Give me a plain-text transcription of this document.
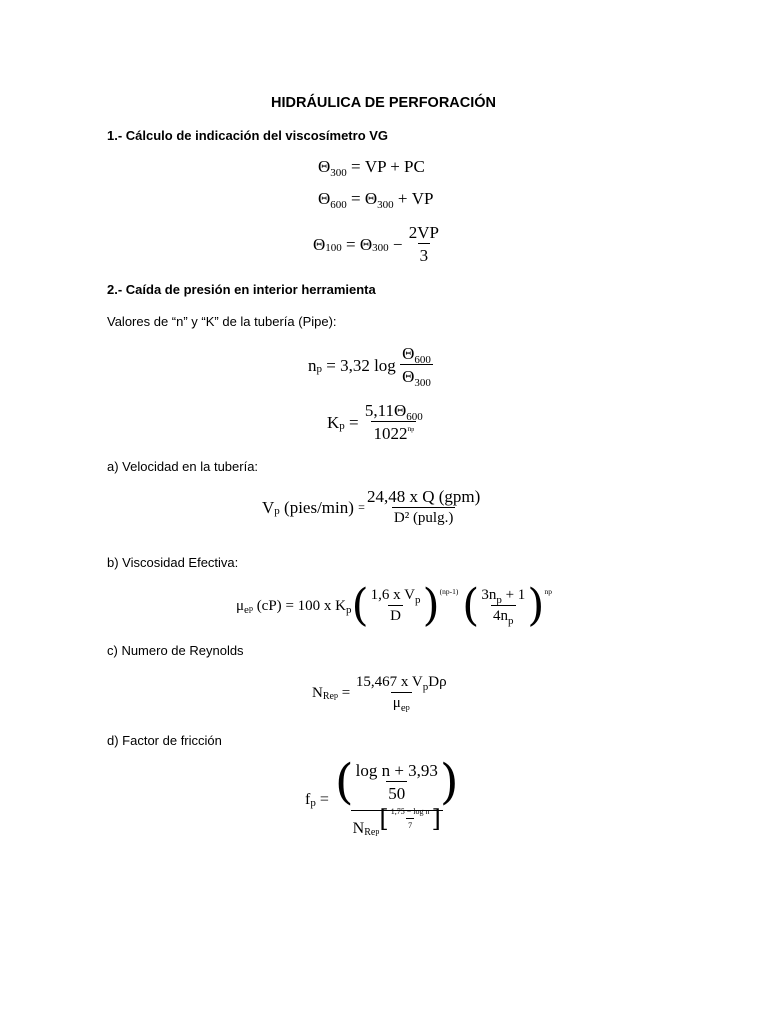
HIDRÁULICA DE PERFORACIÓN
1.- Cálculo de indicación del viscosímetro VG
$\Theta_{300}$ = VP + PC
$\Theta_{600} = \Theta_{300}$ + VP
Θ 100
= Θ 300
−
$\frac{2VP}{3}$
2.- Caída de presión en interior herramienta
Valores de “n” y “K” de la tubería (Pipe):
n p
= 3,32 log
$\frac{\Theta_{600}}{\Theta_{300}}$
K p
=
$\frac{5,11\Theta_{600}}{1022^{np}}$
a) Velocidad en la tubería:
V p
(pies/min)
= $\frac{\text{24,48 x Q (gpm)}}{\text{D² (pulg.)}}$
b) Viscosidad Efectiva:
μ e p
(cP)
= 100 x K p ( $\frac{1,6 x V_p}{D}$ ) (np-1)
( $\frac{3n_p + 1}{4n_p}$ ) np
c) Numero de Reynolds
N Re p
=
$\frac{15,467 x V_pD\rho}{\mu_{ep}}$
d) Factor de fricción
f p
=
( $\frac{\text{log n + 3,93}}{50}$ )
N Re p [ $\frac{\text{1,75 − log n}}{7}$ ]
